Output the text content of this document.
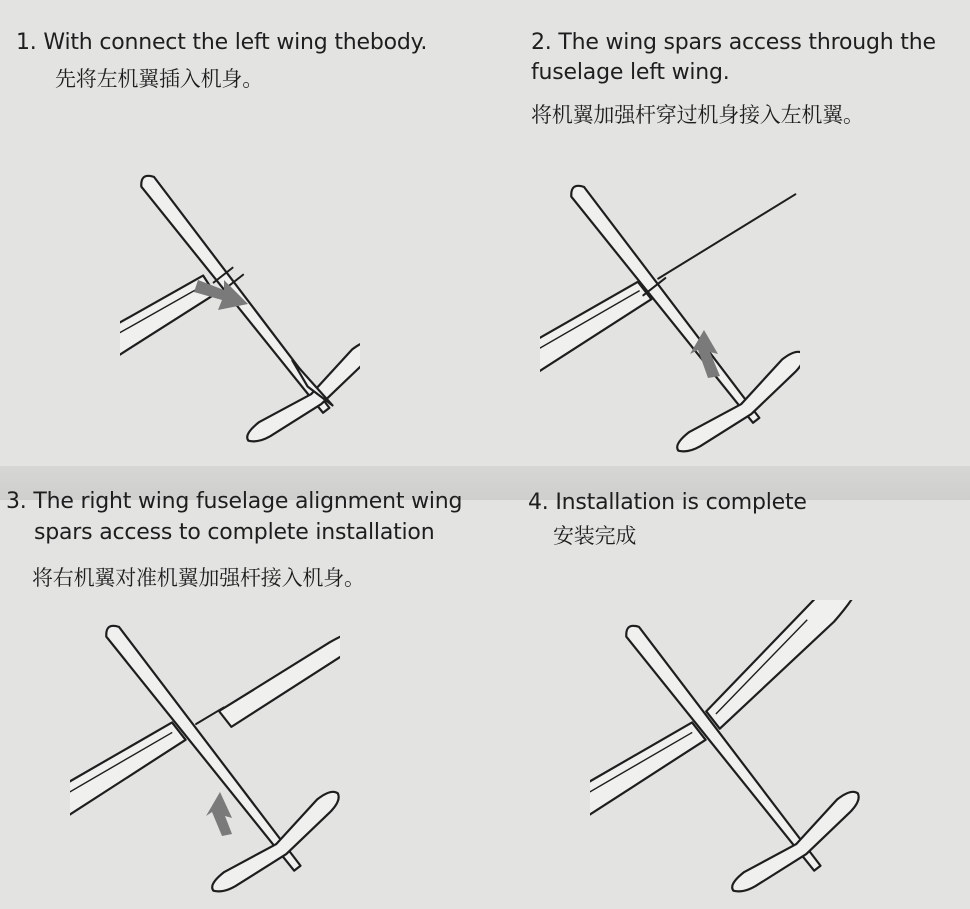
1. With connect the left wing thebody.
先将左机翼插入机身。
2. The wing spars access through the
fuselage left wing.
将机翼加强杆穿过机身接入左机翼。
3. The right wing fuselage alignment wing
spars access to complete installation
将右机翼对准机翼加强杆接入机身。
4. Installation is complete
安装完成
